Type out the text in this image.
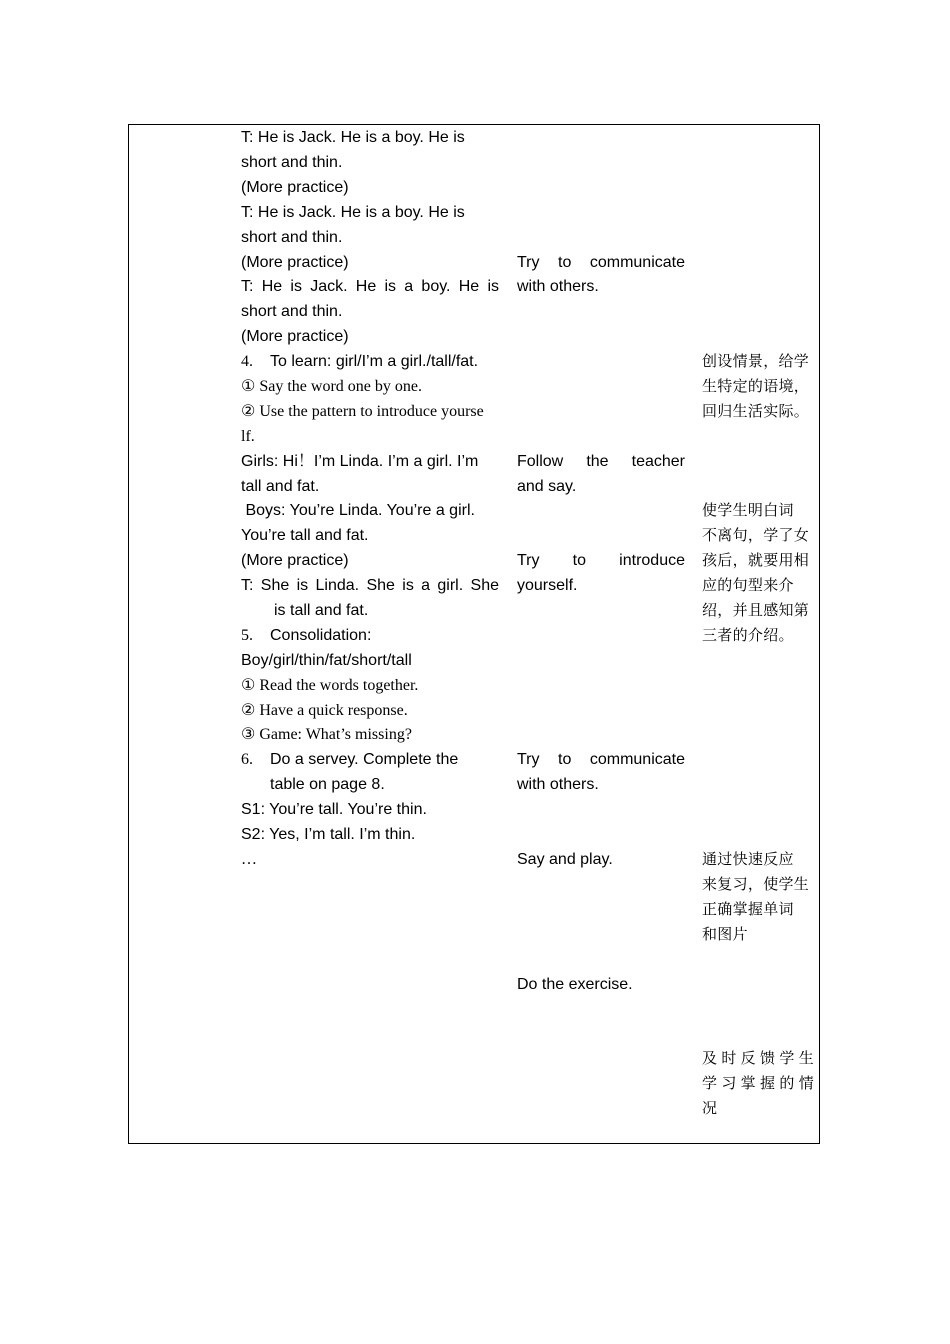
T: He is Jack. He is a boy. He is
short and thin.
(More practice)
T: He is Jack. He is a boy. He is
short and thin.
(More practice)
T: He is Jack. He is a boy. He is
short and thin.
(More practice)
4. To learn: girl/I’m a girl./tall/fat.
① Say the word one by one.
② Use the pattern to introduce yourse
lf.
Girls: Hi！I’m Linda. I’m a girl. I’m
tall and fat.
Boys: You’re Linda. You’re a girl.
You’re tall and fat.
(More practice)
T: She is Linda. She is a girl. She
is tall and fat.
5. Consolidation:
Boy/girl/thin/fat/short/tall
① Read the words together.
② Have a quick response.
③ Game: What’s missing?
6. Do a servey. Complete the
table on page 8.
S1: You’re tall. You’re thin.
S2: Yes, I’m tall. I’m thin.
…
Try to communicate
with others.
Follow the teacher
and say.
Try to introduce
yourself.
Try to communicate
with others.
Say and play.
Do the exercise.
创设情景，给学
生特定的语境，
回归生活实际。
使学生明白词
不离句，学了女
孩后，就要用相
应的句型来介
绍，并且感知第
三者的介绍。
通过快速反应
来复习，使学生
正确掌握单词
和图片
及时反馈学生
学习掌握的情
况
